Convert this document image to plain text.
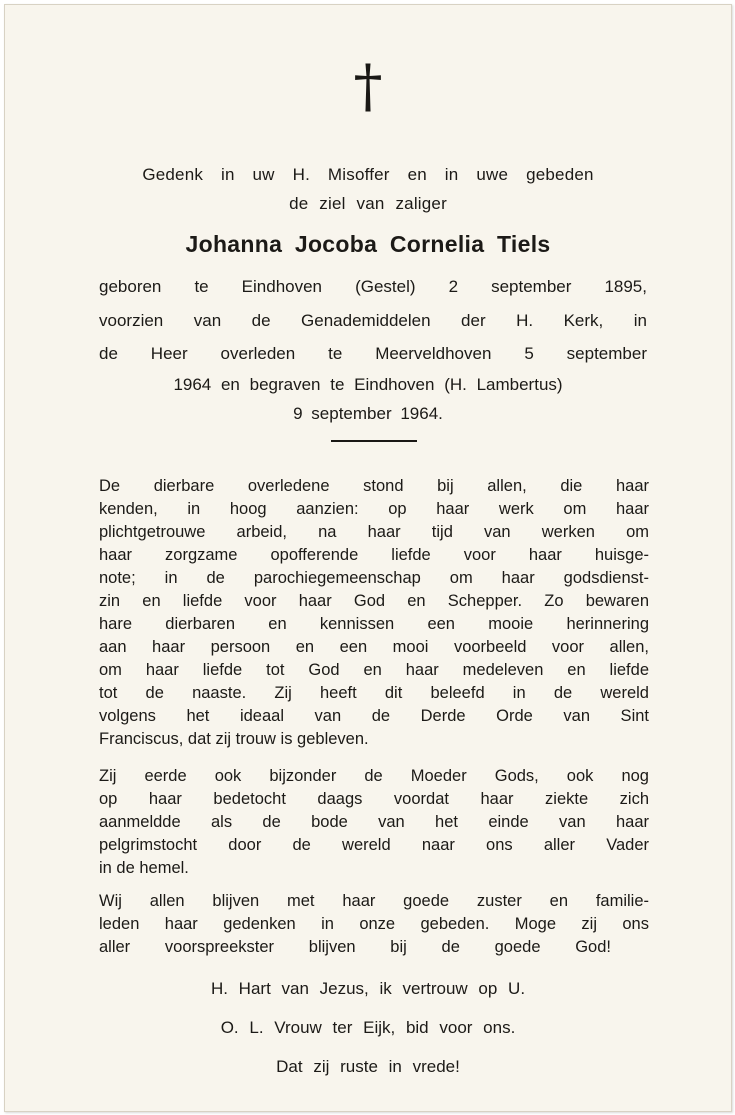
†
Gedenk in uw H. Misoffer en in uwe gebeden
de ziel van zaliger
Johanna Jocoba Cornelia Tiels
geboren te Eindhoven (Gestel) 2 september 1895,
voorzien van de Genademiddelen der H. Kerk, in
de Heer overleden te Meerveldhoven 5 september
1964 en begraven te Eindhoven (H. Lambertus)
9 september 1964.
De dierbare overledene stond bij allen, die haar
kenden, in hoog aanzien: op haar werk om haar
plichtgetrouwe arbeid, na haar tijd van werken om
haar zorgzame opofferende liefde voor haar huisge-
note; in de parochiegemeenschap om haar godsdienst-
zin en liefde voor haar God en Schepper. Zo bewaren
hare dierbaren en kennissen een mooie herinnering
aan haar persoon en een mooi voorbeeld voor allen,
om haar liefde tot God en haar medeleven en liefde
tot de naaste. Zij heeft dit beleefd in de wereld
volgens het ideaal van de Derde Orde van Sint
Franciscus, dat zij trouw is gebleven.
Zij eerde ook bijzonder de Moeder Gods, ook nog
op haar bedetocht daags voordat haar ziekte zich
aanmeldde als de bode van het einde van haar
pelgrimstocht door de wereld naar ons aller Vader
in de hemel.
Wij allen blijven met haar goede zuster en familie-
leden haar gedenken in onze gebeden. Moge zij ons
aller voorspreekster blijven bij de goede God!
H. Hart van Jezus, ik vertrouw op U.
O. L. Vrouw ter Eijk, bid voor ons.
Dat zij ruste in vrede!
